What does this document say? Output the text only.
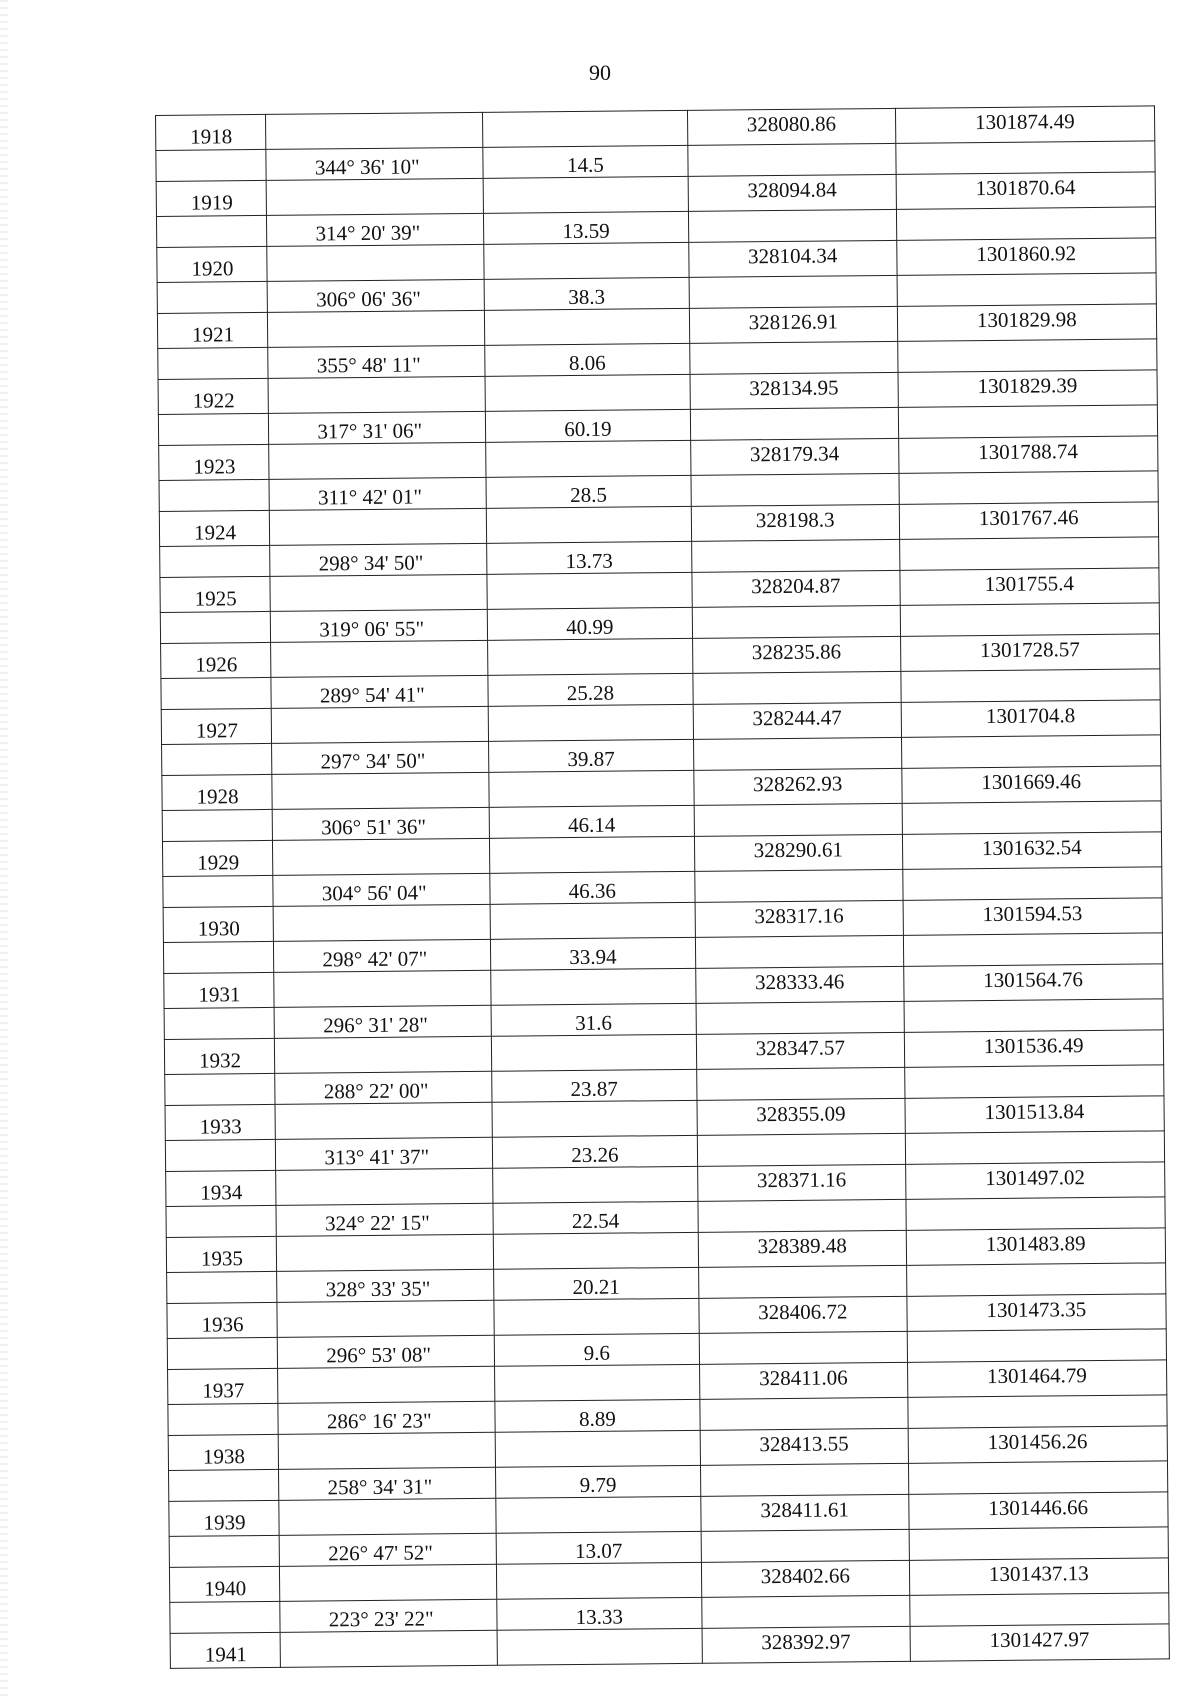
90
1918			328080.86	1301874.49
	344° 36' 10"	14.5		
1919			328094.84	1301870.64
	314° 20' 39"	13.59		
1920			328104.34	1301860.92
	306° 06' 36"	38.3		
1921			328126.91	1301829.98
	355° 48' 11"	8.06		
1922			328134.95	1301829.39
	317° 31' 06"	60.19		
1923			328179.34	1301788.74
	311° 42' 01"	28.5		
1924			328198.3	1301767.46
	298° 34' 50"	13.73		
1925			328204.87	1301755.4
	319° 06' 55"	40.99		
1926			328235.86	1301728.57
	289° 54' 41"	25.28		
1927			328244.47	1301704.8
	297° 34' 50"	39.87		
1928			328262.93	1301669.46
	306° 51' 36"	46.14		
1929			328290.61	1301632.54
	304° 56' 04"	46.36		
1930			328317.16	1301594.53
	298° 42' 07"	33.94		
1931			328333.46	1301564.76
	296° 31' 28"	31.6		
1932			328347.57	1301536.49
	288° 22' 00"	23.87		
1933			328355.09	1301513.84
	313° 41' 37"	23.26		
1934			328371.16	1301497.02
	324° 22' 15"	22.54		
1935			328389.48	1301483.89
	328° 33' 35"	20.21		
1936			328406.72	1301473.35
	296° 53' 08"	9.6		
1937			328411.06	1301464.79
	286° 16' 23"	8.89		
1938			328413.55	1301456.26
	258° 34' 31"	9.79		
1939			328411.61	1301446.66
	226° 47' 52"	13.07		
1940			328402.66	1301437.13
	223° 23' 22"	13.33		
1941			328392.97	1301427.97
